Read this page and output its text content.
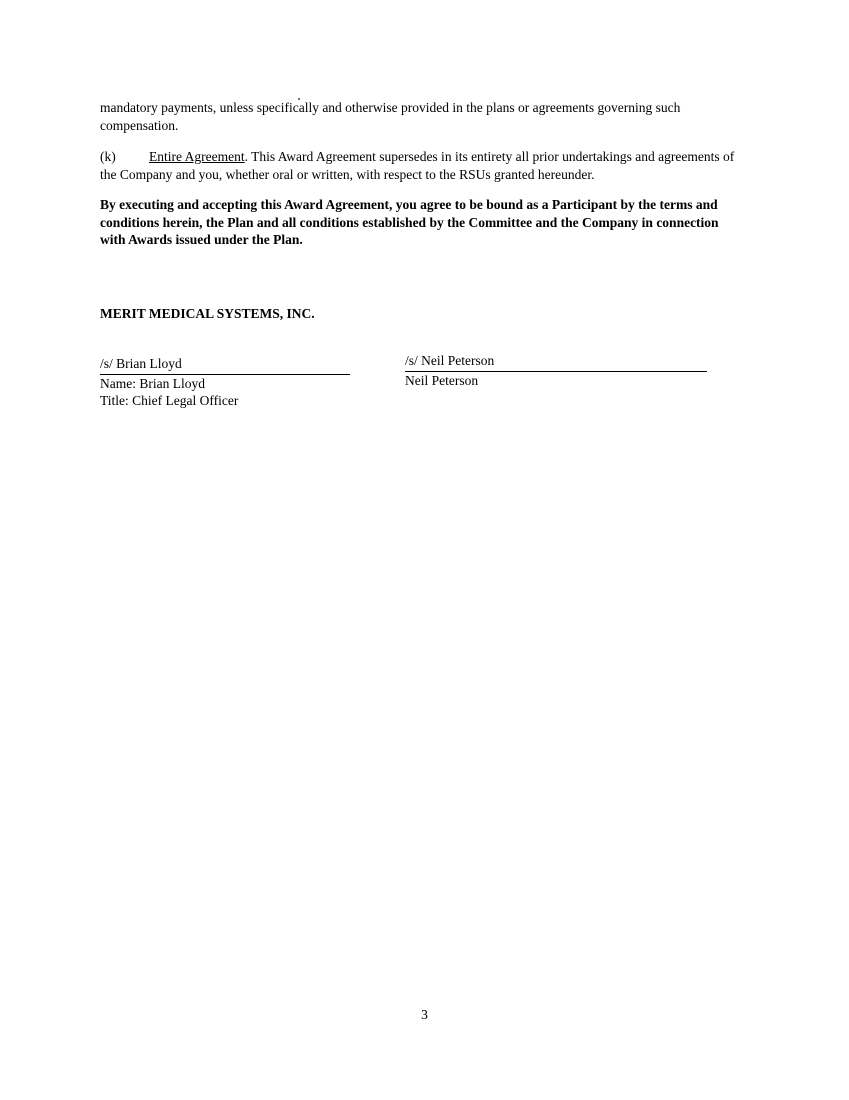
mandatory payments, unless specifically and otherwise provided in the plans or agreements governing such compensation.

(k) Entire Agreement. This Award Agreement supersedes in its entirety all prior undertakings and agreements of the Company and you, whether oral or written, with respect to the RSUs granted hereunder.

By executing and accepting this Award Agreement, you agree to be bound as a Participant by the terms and conditions herein, the Plan and all conditions established by the Committee and the Company in connection with Awards issued under the Plan.

MERIT MEDICAL SYSTEMS, INC.

/s/ Brian Lloyd
Name: Brian Lloyd
Title: Chief Legal Officer
/s/ Neil Peterson
Neil Peterson
3
